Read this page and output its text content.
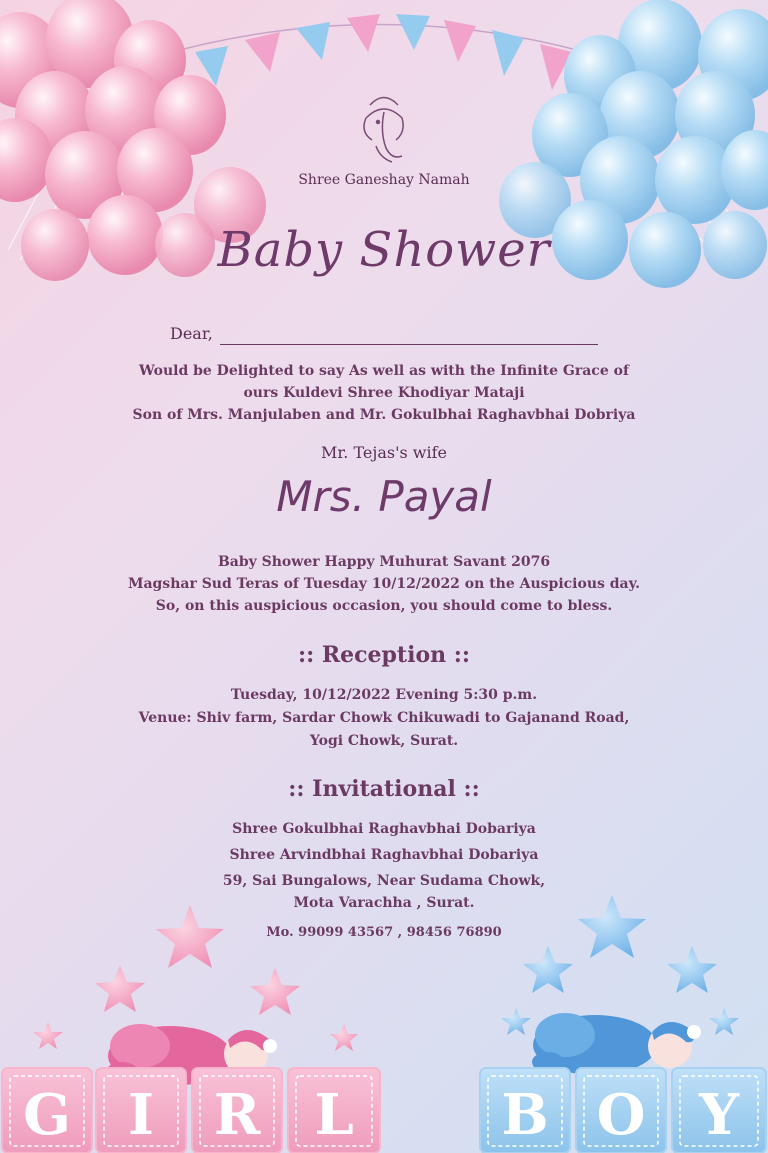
G I R L	B O Y
Shree Ganeshay Namah
Baby Shower
Dear,
Would be Delighted to say As well as with the Infinite Grace of
ours Kuldevi Shree Khodiyar Mataji
Son of Mrs. Manjulaben and Mr. Gokulbhai Raghavbhai Dobriya
Mr. Tejas's wife
Mrs. Payal
Baby Shower Happy Muhurat Savant 2076
Magshar Sud Teras of Tuesday 10/12/2022 on the Auspicious day.
So, on this auspicious occasion, you should come to bless.
:: Reception ::
Tuesday, 10/12/2022 Evening 5:30 p.m.
Venue: Shiv farm, Sardar Chowk Chikuwadi to Gajanand Road,
Yogi Chowk, Surat.
:: Invitational ::
Shree Gokulbhai Raghavbhai Dobariya
Shree Arvindbhai Raghavbhai Dobariya
59, Sai Bungalows, Near Sudama Chowk,
Mota Varachha , Surat.
Mo. 99099 43567 , 98456 76890
